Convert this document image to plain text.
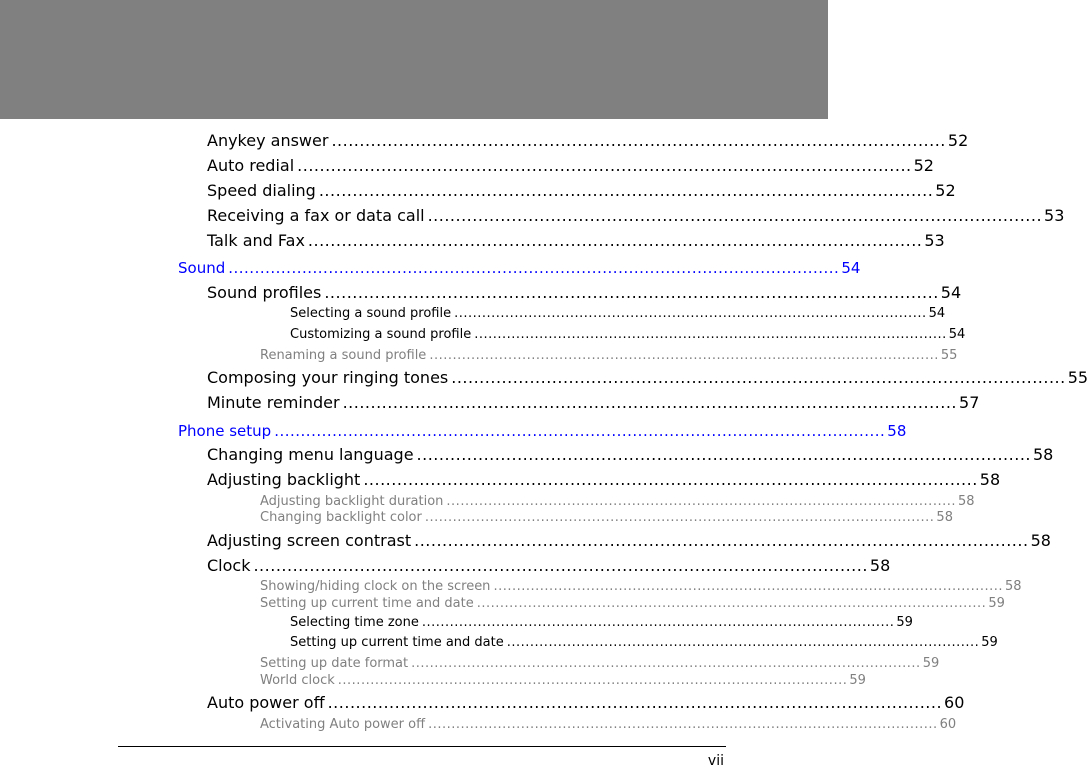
Anykey answer .............................................................................................................. 52
Auto redial .............................................................................................................. 52
Speed dialing .............................................................................................................. 52
Receiving a fax or data call .............................................................................................................. 53
Talk and Fax .............................................................................................................. 53
Sound .................................................................................................................... 54
Sound profiles .............................................................................................................. 54
Selecting a sound profile ...................................................................................................... 54
Customizing a sound profile ...................................................................................................... 54
Renaming a sound profile .............................................................................................................. 55
Composing your ringing tones .............................................................................................................. 55
Minute reminder .............................................................................................................. 57
Phone setup .................................................................................................................... 58
Changing menu language .............................................................................................................. 58
Adjusting backlight .............................................................................................................. 58
Adjusting backlight duration .............................................................................................................. 58
Changing backlight color .............................................................................................................. 58
Adjusting screen contrast .............................................................................................................. 58
Clock .............................................................................................................. 58
Showing/hiding clock on the screen .............................................................................................................. 58
Setting up current time and date .............................................................................................................. 59
Selecting time zone ...................................................................................................... 59
Setting up current time and date ...................................................................................................... 59
Setting up date format .............................................................................................................. 59
World clock .............................................................................................................. 59
Auto power off .............................................................................................................. 60
Activating Auto power off .............................................................................................................. 60
vii
